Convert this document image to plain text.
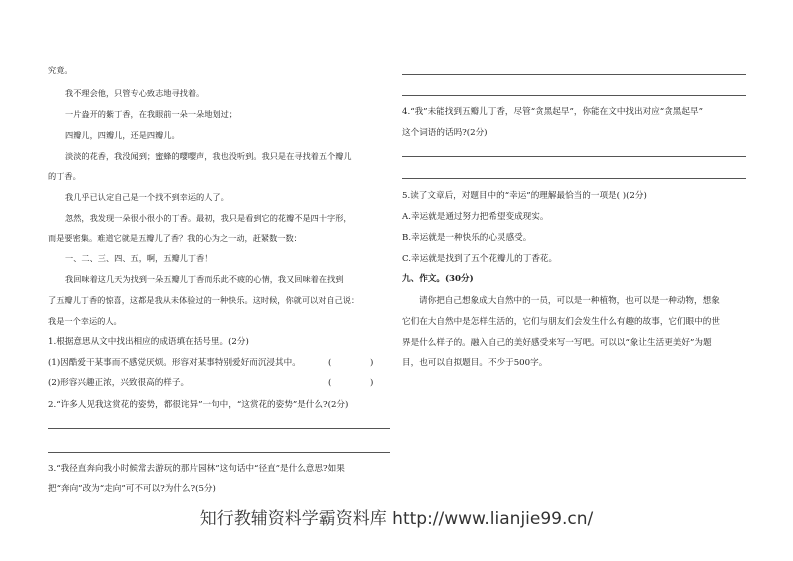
究竟。
我不理会他，只管专心致志地寻找着。
一片盎开的紫丁香，在我眼前一朵一朵地划过；
四瓣儿，四瓣儿，还是四瓣儿。
淡淡的花香，我没闻到；蜜蜂的嘤嘤声，我也没听到。我只是在寻找着五个瓣儿
的丁香。
我几乎已认定自己是一个找不到幸运的人了。
忽然，我发现一朵很小很小的丁香。最初，我只是看到它的花瓣不是四十字形，
而是要密集。难道它就是五瓣儿了香？我的心为之一动，赶紧数一数：
一、二、三、四、五，啊，五瓣儿丁香！
我回味着这几天为找到一朵五瓣儿丁香而乐此不疲的心情，我又回味着在找到
了五瓣儿丁香的惊喜，这都是我从未体验过的一种快乐。这时候，你就可以对自己说：
我是一个幸运的人。
1.根据意思从文中找出相应的成语填在括号里。(2分)
(1)因酷爱干某事而不感觉厌烦。形容对某事特别爱好而沉浸其中。	(	)
(2)形容兴趣正浓，兴致很高的样子。	(	)
2.“许多人见我这赏花的姿势，都很诧异”一句中，“这赏花的姿势”是什么?(2分)
3.“我径直奔向我小时候常去游玩的那片园林”这句话中“径直”是什么意思?如果
把“奔向”改为“走向”可不可以?为什么?(5分)
4.“我”未能找到五瓣儿丁香，尽管“贪黑起早”，你能在文中找出对应“贪黑起早”
这个词语的话吗?(2分)
5.读了文章后，对题目中的“幸运”的理解最恰当的一项是( )(2分)
A.幸运就是通过努力把希望变成现实。
B.幸运就是一种快乐的心灵感受。
C.幸运就是找到了五个花瓣儿的丁香花。
九、作文。(30分)
请你把自己想象成大自然中的一员，可以是一种植物，也可以是一种动物，想象
它们在大自然中是怎样生活的，它们与朋友们会发生什么有趣的故事，它们眼中的世
界是什么样子的。融入自己的美好感受来写一写吧。可以以“象让生活更美好”为题
目，也可以自拟题目。不少于500字。
知行教辅资料学霸资料库 http://www.lianjie99.cn/
